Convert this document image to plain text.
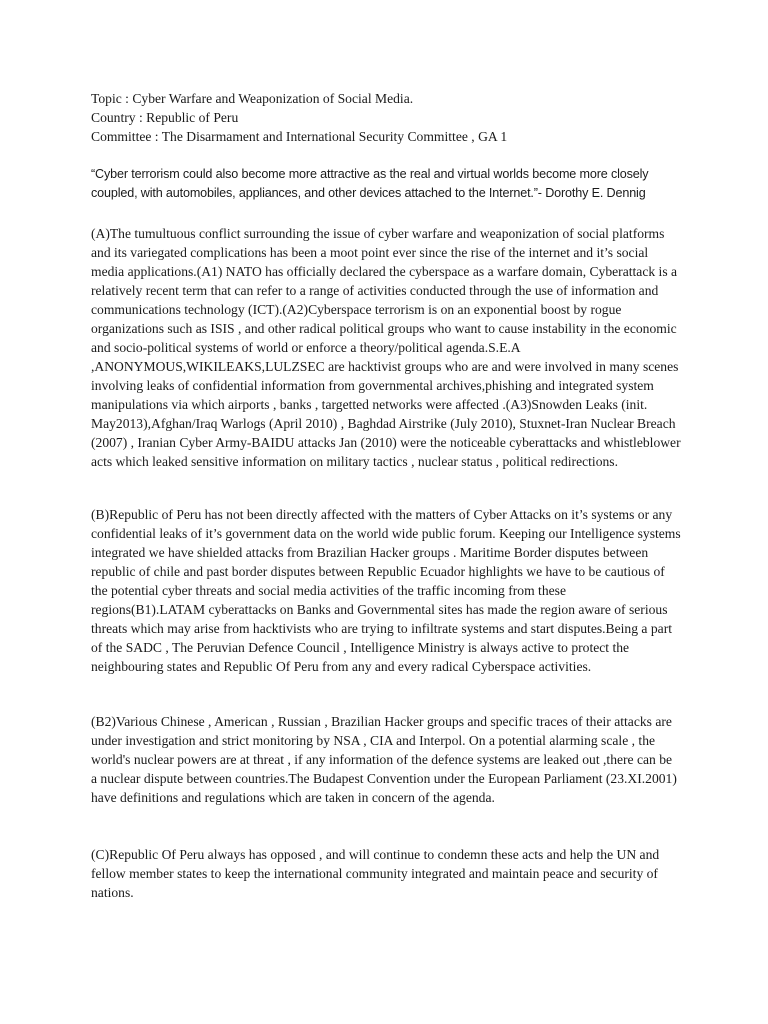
Topic : Cyber Warfare and Weaponization of Social Media.
Country : Republic of Peru
Committee : The Disarmament and International Security Committee , GA 1

“Cyber terrorism could also become more attractive as the real and virtual worlds become more closely coupled, with automobiles, appliances, and other devices attached to the Internet.”- Dorothy E. Dennig

(A)The tumultuous conflict surrounding the issue of cyber warfare and weaponization of social platforms and its variegated complications has been a moot point ever since the rise of the internet and it’s social media applications.(A1) NATO has officially declared the cyberspace as a warfare domain, Cyberattack is a relatively recent term that can refer to a range of activities conducted through the use of information and communications technology (ICT).(A2)Cyberspace terrorism is on an exponential boost by rogue organizations such as ISIS , and other radical political groups who want to cause instability in the economic and socio-political systems of world or enforce a theory/political agenda.S.E.A ,ANONYMOUS,WIKILEAKS,LULZSEC are hacktivist groups who are and were involved in many scenes involving leaks of confidential information from governmental archives,phishing and integrated system manipulations via which airports , banks , targetted networks were affected .(A3)Snowden Leaks (init. May2013),Afghan/Iraq Warlogs (April 2010) , Baghdad Airstrike (July 2010), Stuxnet-Iran Nuclear Breach (2007) , Iranian Cyber Army-BAIDU attacks Jan (2010) were the noticeable cyberattacks and whistleblower acts which leaked sensitive information on military tactics , nuclear status , political redirections.

(B)Republic of Peru has not been directly affected with the matters of Cyber Attacks on it’s systems or any confidential leaks of it’s government data on the world wide public forum. Keeping our Intelligence systems integrated we have shielded attacks from Brazilian Hacker groups . Maritime Border disputes between republic of chile and past border disputes between Republic Ecuador highlights we have to be cautious of the potential cyber threats and social media activities of the traffic incoming from these regions(B1).LATAM cyberattacks on Banks and Governmental sites has made the region aware of serious threats which may arise from hacktivists who are trying to infiltrate systems and start disputes.Being a part of the SADC , The Peruvian Defence Council , Intelligence Ministry is always active to protect the neighbouring states and Republic Of Peru from any and every radical Cyberspace activities.

(B2)Various Chinese , American , Russian , Brazilian Hacker groups and specific traces of their attacks are under investigation and strict monitoring by NSA , CIA and Interpol. On a potential alarming scale , the world's nuclear powers are at threat , if any information of the defence systems are leaked out ,there can be a nuclear dispute between countries.The Budapest Convention under the European Parliament (23.XI.2001) have definitions and regulations which are taken in concern of the agenda.

(C)Republic Of Peru always has opposed , and will continue to condemn these acts and help the UN and fellow member states to keep the international community integrated and maintain peace and security of nations.
